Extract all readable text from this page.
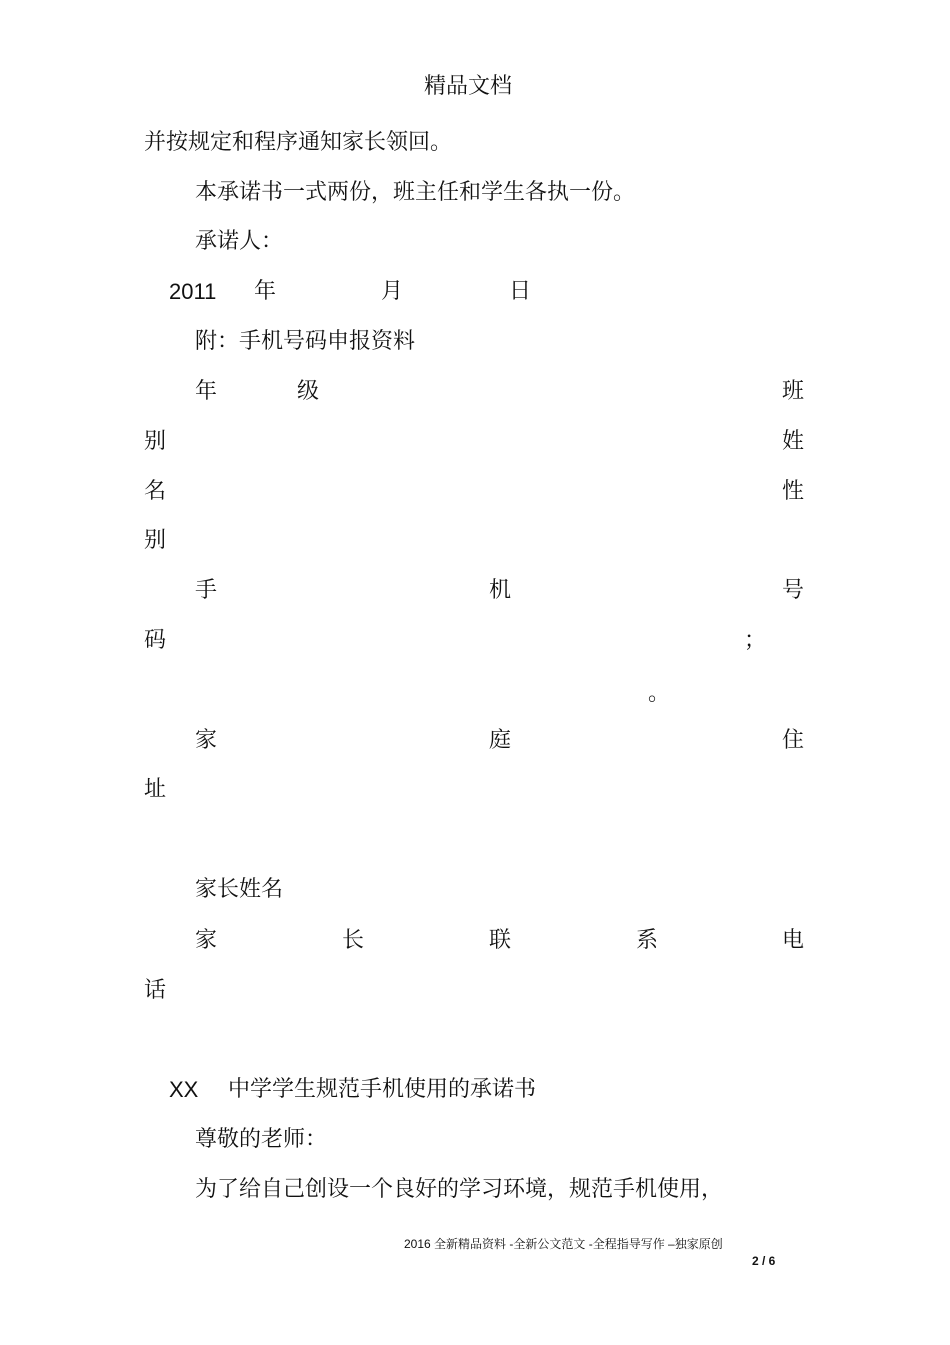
精品文档
并按规定和程序通知家长领回。
本承诺书一式两份，班主任和学生各执一份。
承诺人：
2011 年	月	日
附：手机号码申报资料
年	级	班
别	姓
名	性
别
手	机	号
码	；
。
家	庭	住
址
家长姓名
家	长	联	系	电
话
XX 中学学生规范手机使用的承诺书
尊敬的老师：
为了给自己创设一个良好的学习环境，规范手机使用，
2016 全新精品资料 -全新公文范文 -全程指导写作 –独家原创
2 / 6
